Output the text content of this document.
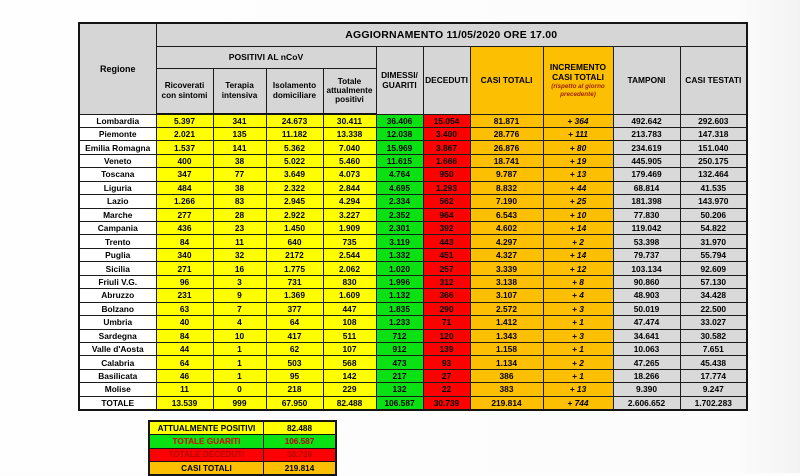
Regione	AGGIORNAMENTO 11/05/2020 ORE 17.00									
	POSITIVI AL nCoV				DIMESSI/ GUARITI	DECEDUTI	CASI TOTALI	INCREMENTO CASI TOTALI
(rispetto al giorno precedente)	TAMPONI	CASI TESTATI
	Ricoverati con sintomi	Terapia intensiva	Isolamento domiciliare	Totale attualmente positivi						
Lombardia	5.397	341	24.673	30.411	36.406	15.054	81.871	+ 364	492.642	292.603
Piemonte	2.021	135	11.182	13.338	12.038	3.400	28.776	+ 111	213.783	147.318
Emilia Romagna	1.537	141	5.362	7.040	15.969	3.867	26.876	+ 80	234.619	151.040
Veneto	400	38	5.022	5.460	11.615	1.666	18.741	+ 19	445.905	250.175
Toscana	347	77	3.649	4.073	4.764	950	9.787	+ 13	179.469	132.464
Liguria	484	38	2.322	2.844	4.695	1.293	8.832	+ 44	68.814	41.535
Lazio	1.266	83	2.945	4.294	2.334	562	7.190	+ 25	181.398	143.970
Marche	277	28	2.922	3.227	2.352	964	6.543	+ 10	77.830	50.206
Campania	436	23	1.450	1.909	2.301	392	4.602	+ 14	119.042	54.822
Trento	84	11	640	735	3.119	443	4.297	+ 2	53.398	31.970
Puglia	340	32	2172	2.544	1.332	451	4.327	+ 14	79.737	55.794
Sicilia	271	16	1.775	2.062	1.020	257	3.339	+ 12	103.134	92.609
Friuli V.G.	96	3	731	830	1.996	312	3.138	+ 8	90.860	57.130
Abruzzo	231	9	1.369	1.609	1.132	366	3.107	+ 4	48.903	34.428
Bolzano	63	7	377	447	1.835	290	2.572	+ 3	50.019	22.500
Umbria	40	4	64	108	1.233	71	1.412	+ 1	47.474	33.027
Sardegna	84	10	417	511	712	120	1.343	+ 3	34.641	30.582
Valle d'Aosta	44	1	62	107	912	139	1.158	+ 1	10.063	7.651
Calabria	64	1	503	568	473	93	1.134	+ 2	47.265	45.438
Basilicata	46	1	95	142	217	27	386	+ 1	18.266	17.774
Molise	11	0	218	229	132	22	383	+ 13	9.390	9.247
TOTALE	13.539	999	67.950	82.488	106.587	30.739	219.814	+ 744	2.606.652	1.702.283
ATTUALMENTE POSITIVI	82.488
TOTALE GUARITI	106.587
TOTALE DECEDUTI	30.739
CASI TOTALI	219.814
